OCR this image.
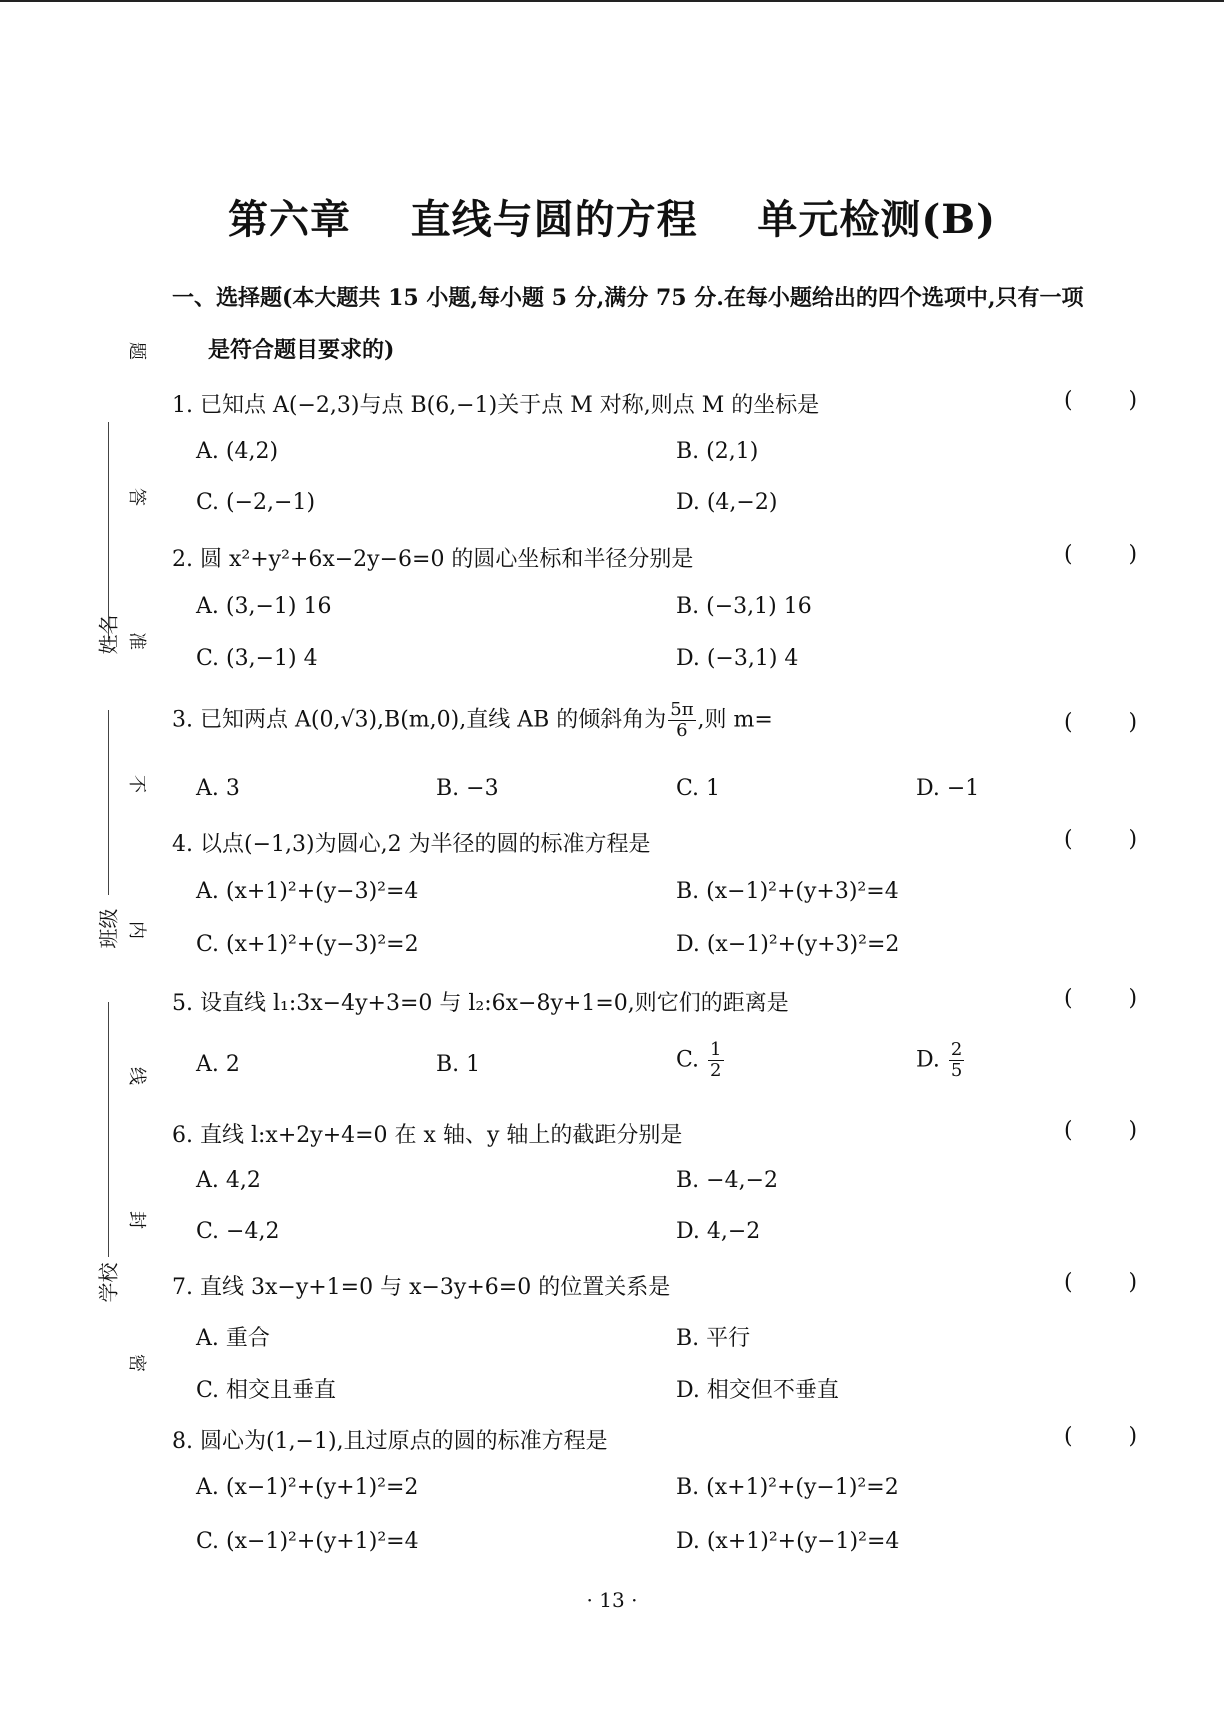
第六章    直线与圆的方程    单元检测(B)
一、选择题(本大题共 15 小题,每小题 5 分,满分 75 分.在每小题给出的四个选项中,只有一项
是符合题目要求的)
1. 已知点 A(−2,3)与点 B(6,−1)关于点 M 对称,则点 M 的坐标是	(        )
A. (4,2)	B. (2,1)
C. (−2,−1)	D. (4,−2)
2. 圆 x²+y²+6x−2y−6=0 的圆心坐标和半径分别是	(        )
A. (3,−1) 16	B. (−3,1) 16
C. (3,−1) 4	D. (−3,1) 4
3. 已知两点 A(0,√3),B(m,0),直线 AB 的倾斜角为 $\frac{5\pi}{6}$ ,则 m=	(        )
A. 3	B. −3	C. 1	D. −1
4. 以点(−1,3)为圆心,2 为半径的圆的标准方程是	(        )
A. (x+1)²+(y−3)²=4	B. (x−1)²+(y+3)²=4
C. (x+1)²+(y−3)²=2	D. (x−1)²+(y+3)²=2
5. 设直线 l₁:3x−4y+3=0 与 l₂:6x−8y+1=0,则它们的距离是	(        )
A. 2	B. 1	C. $\frac{1}{2}$	D. $\frac{2}{5}$
6. 直线 l:x+2y+4=0 在 x 轴、y 轴上的截距分别是	(        )
A. 4,2	B. −4,−2
C. −4,2	D. 4,−2
7. 直线 3x−y+1=0 与 x−3y+6=0 的位置关系是	(        )
A. 重合	B. 平行
C. 相交且垂直	D. 相交但不垂直
8. 圆心为(1,−1),且过原点的圆的标准方程是	(        )
A. (x−1)²+(y+1)²=2	B. (x+1)²+(y−1)²=2
C. (x−1)²+(y+1)²=4	D. (x+1)²+(y−1)²=4
题
答
准
不
内
线
封
密
姓名
班级
学校
· 13 ·
